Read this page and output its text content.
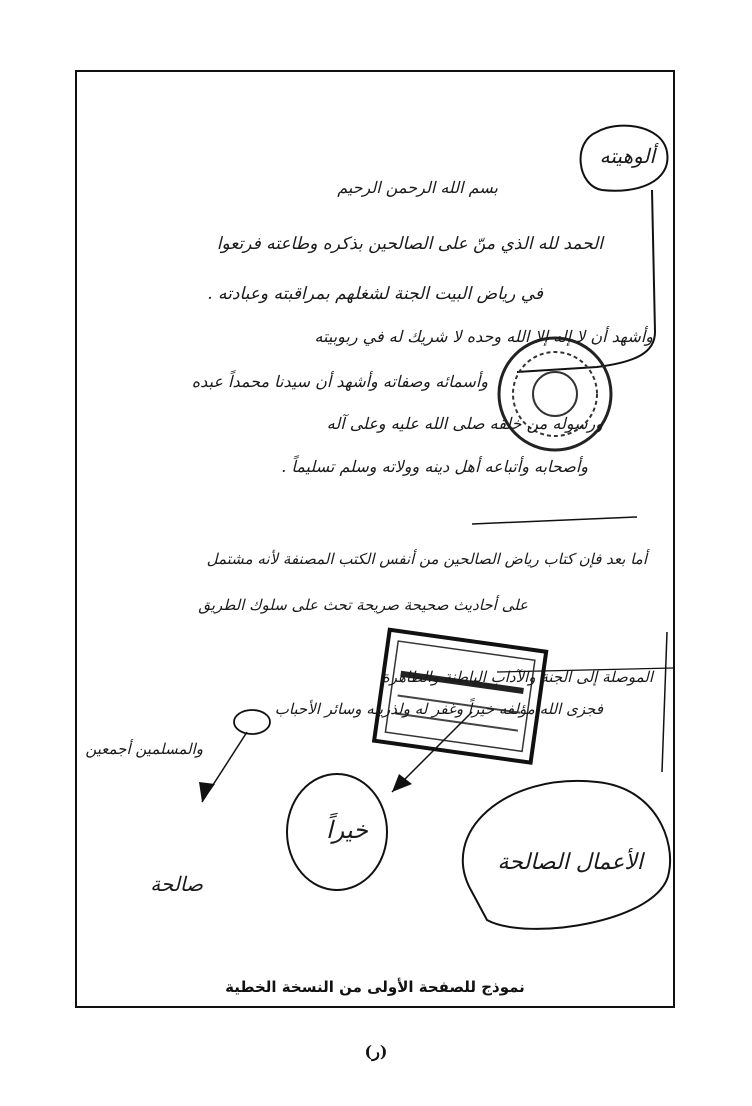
ألوهيته
بسم الله الرحمن الرحيم
الحمد لله الذي منّ على الصالحين بذكره وطاعته فرتعوا
في رياض البيت الجنة لشغلهم بمراقبته وعبادته .
وأشهد أن لا إله إلا الله وحده لا شريك له في ربوبيته
وأسمائه وصفاته وأشهد أن سيدنا محمداً عبده
ورسوله من خلقه صلى الله عليه وعلى آله
وأصحابه وأتباعه أهل دينه وولاته وسلم تسليماً .
أما بعد فإن كتاب رياض الصالحين من أنفس الكتب المصنفة لأنه مشتمل
على أحاديث صحيحة صريحة تحث على سلوك الطريق
الموصلة إلى الجنة والآداب الباطنة والظاهرة
فجزى الله مؤلفه خيراً وغفر له ولذريته وسائر الأحباب
والمسلمين أجمعين
خيراً
الأعمال الصالحة
صالحة
نموذج للصفحة الأولى من النسخة الخطية
(ر)
